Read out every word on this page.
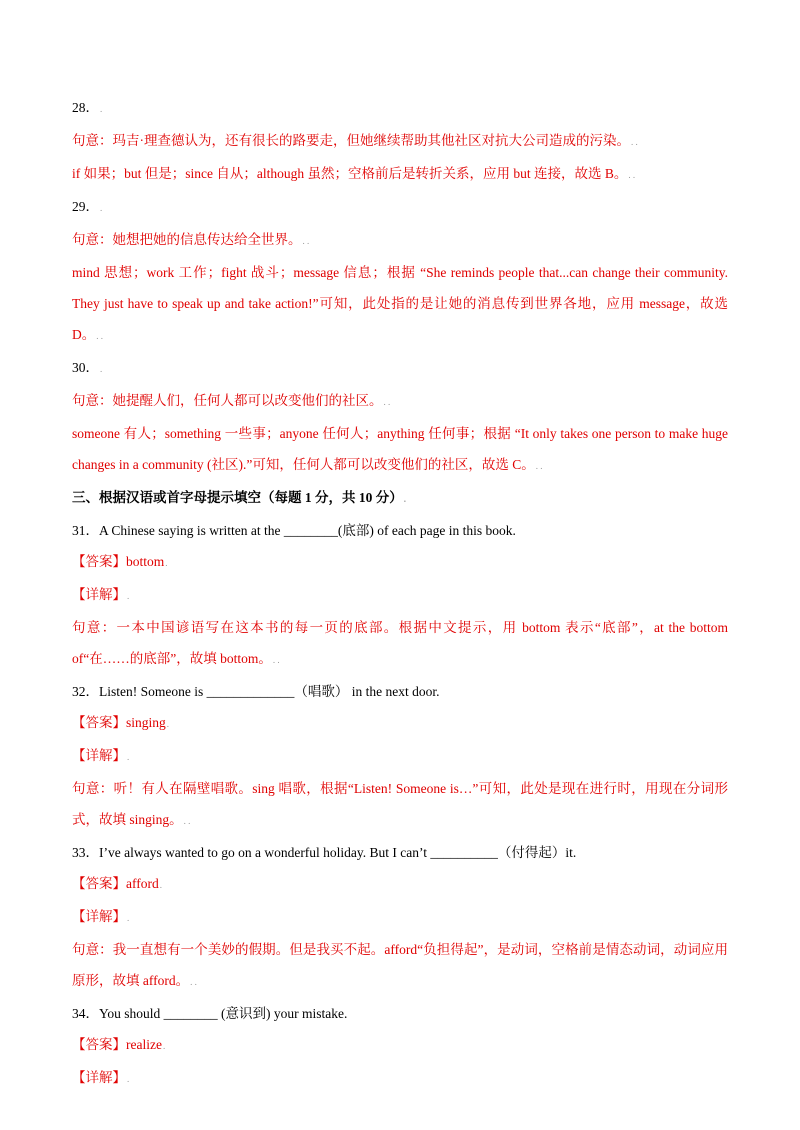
28．.

句意：玛吉·理查德认为，还有很长的路要走，但她继续帮助其他社区对抗大公司造成的污染。. .

if 如果；but 但是；since 自从；although 虽然；空格前后是转折关系，应用 but 连接，故选 B。. .

29．.

句意：她想把她的信息传达给全世界。. .

mind 思想；work 工作；fight 战斗；message 信息；根据 “She reminds people that...can change their community. They just have to speak up and take action!”可知，此处指的是让她的消息传到世界各地，应用 message，故选 D。. .

30．.

句意：她提醒人们，任何人都可以改变他们的社区。. .

someone 有人；something 一些事；anyone 任何人；anything 任何事；根据 “It only takes one person to make huge changes in a community (社区).”可知，任何人都可以改变他们的社区，故选 C。. .

三、根据汉语或首字母提示填空（每题 1 分，共 10 分）.

31．A Chinese saying is written at the ________(底部) of each page in this book.

【答案】bottom.

【详解】.

句意：一本中国谚语写在这本书的每一页的底部。根据中文提示，用 bottom 表示“底部”，at the bottom of“在……的底部”，故填 bottom。. .

32．Listen! Someone is _____________（唱歌） in the next door.

【答案】singing.

【详解】.

句意：听！有人在隔壁唱歌。sing 唱歌，根据“Listen! Someone is…”可知，此处是现在进行时，用现在分词形式，故填 singing。. .

33．I’ve always wanted to go on a wonderful holiday. But I can’t __________（付得起）it.

【答案】afford.

【详解】.

句意：我一直想有一个美妙的假期。但是我买不起。afford“负担得起”，是动词，空格前是情态动词，动词应用原形，故填 afford。. .

34．You should ________ (意识到) your mistake.

【答案】realize.

【详解】.
